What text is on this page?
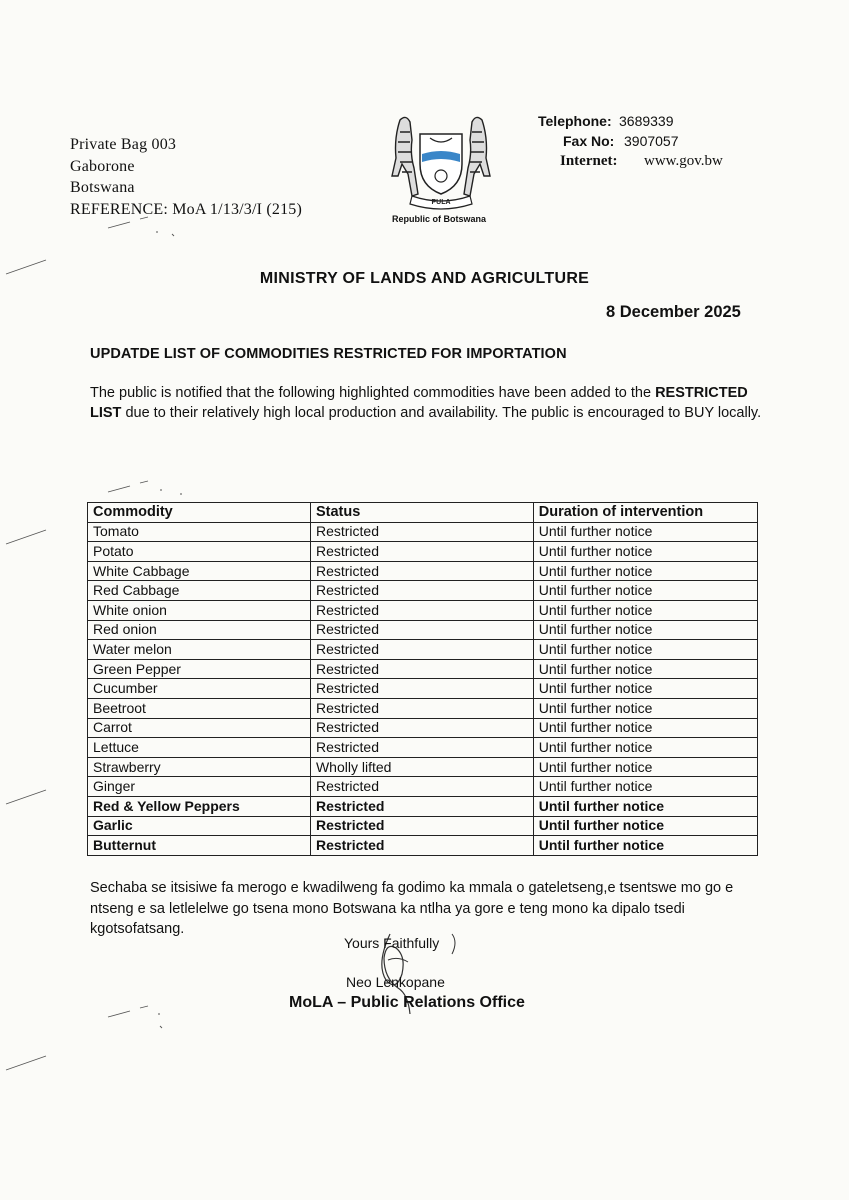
Private Bag 003
Gaborone
Botswana
REFERENCE: MoA 1/13/3/I (215)	PULA
Republic of Botswana
Telephone: 3689339
Fax No: 3907057
Internet: www.gov.bw
MINISTRY OF LANDS AND AGRICULTURE
8 December 2025
UPDATDE LIST OF COMMODITIES RESTRICTED FOR IMPORTATION
The public is notified that the following highlighted commodities have been added to the RESTRICTED LIST due to their relatively high local production and availability. The public is encouraged to BUY locally.
Commodity	Status	Duration of intervention
Tomato	Restricted	Until further notice
Potato	Restricted	Until further notice
White Cabbage	Restricted	Until further notice
Red Cabbage	Restricted	Until further notice
White onion	Restricted	Until further notice
Red onion	Restricted	Until further notice
Water melon	Restricted	Until further notice
Green Pepper	Restricted	Until further notice
Cucumber	Restricted	Until further notice
Beetroot	Restricted	Until further notice
Carrot	Restricted	Until further notice
Lettuce	Restricted	Until further notice
Strawberry	Wholly lifted	Until further notice
Ginger	Restricted	Until further notice
Red & Yellow Peppers	Restricted	Until further notice
Garlic	Restricted	Until further notice
Butternut	Restricted	Until further notice
Sechaba se itsisiwe fa merogo e kwadilweng fa godimo ka mmala o gateletseng,e tsentswe mo go e ntseng e sa letlelelwe go tsena mono Botswana ka ntlha ya gore e teng mono ka dipalo tsedi kgotsofatsang.
Yours Faithfully
Neo Lenkopane
MoLA – Public Relations Office
